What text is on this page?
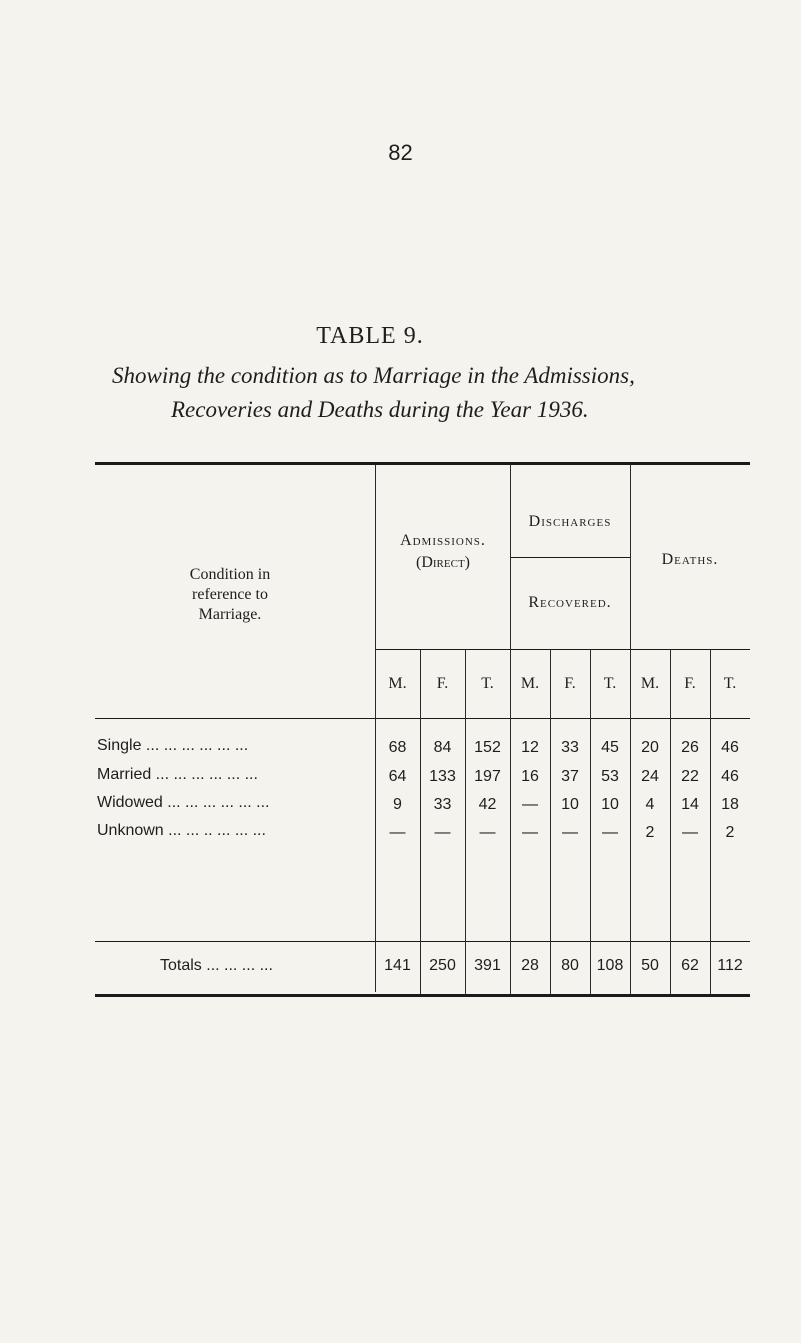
82
TABLE 9.
Showing the condition as to Marriage in the Admissions,
Recoveries and Deaths during the Year 1936.
Condition in
reference to
Marriage.
Admissions.
(Direct)
Discharges
Recovered.
Deaths.
M.	F.	T.	M.	F.	T.	M.	F.	T.
Single ... ... ... ... ... ...	68	84	152	12	33	45	20	26	46
Married ... ... ... ... ... ...	64	133	197	16	37	53	24	22	46
Widowed ... ... ... ... ... ...	9	33	42	—	10	10	4	14	18
Unknown ... ... .. ... ... ...	—	—	—	—	—	—	2	—	2
Totals ... ... ... ...	141	250	391	28	80	108	50	62	112
